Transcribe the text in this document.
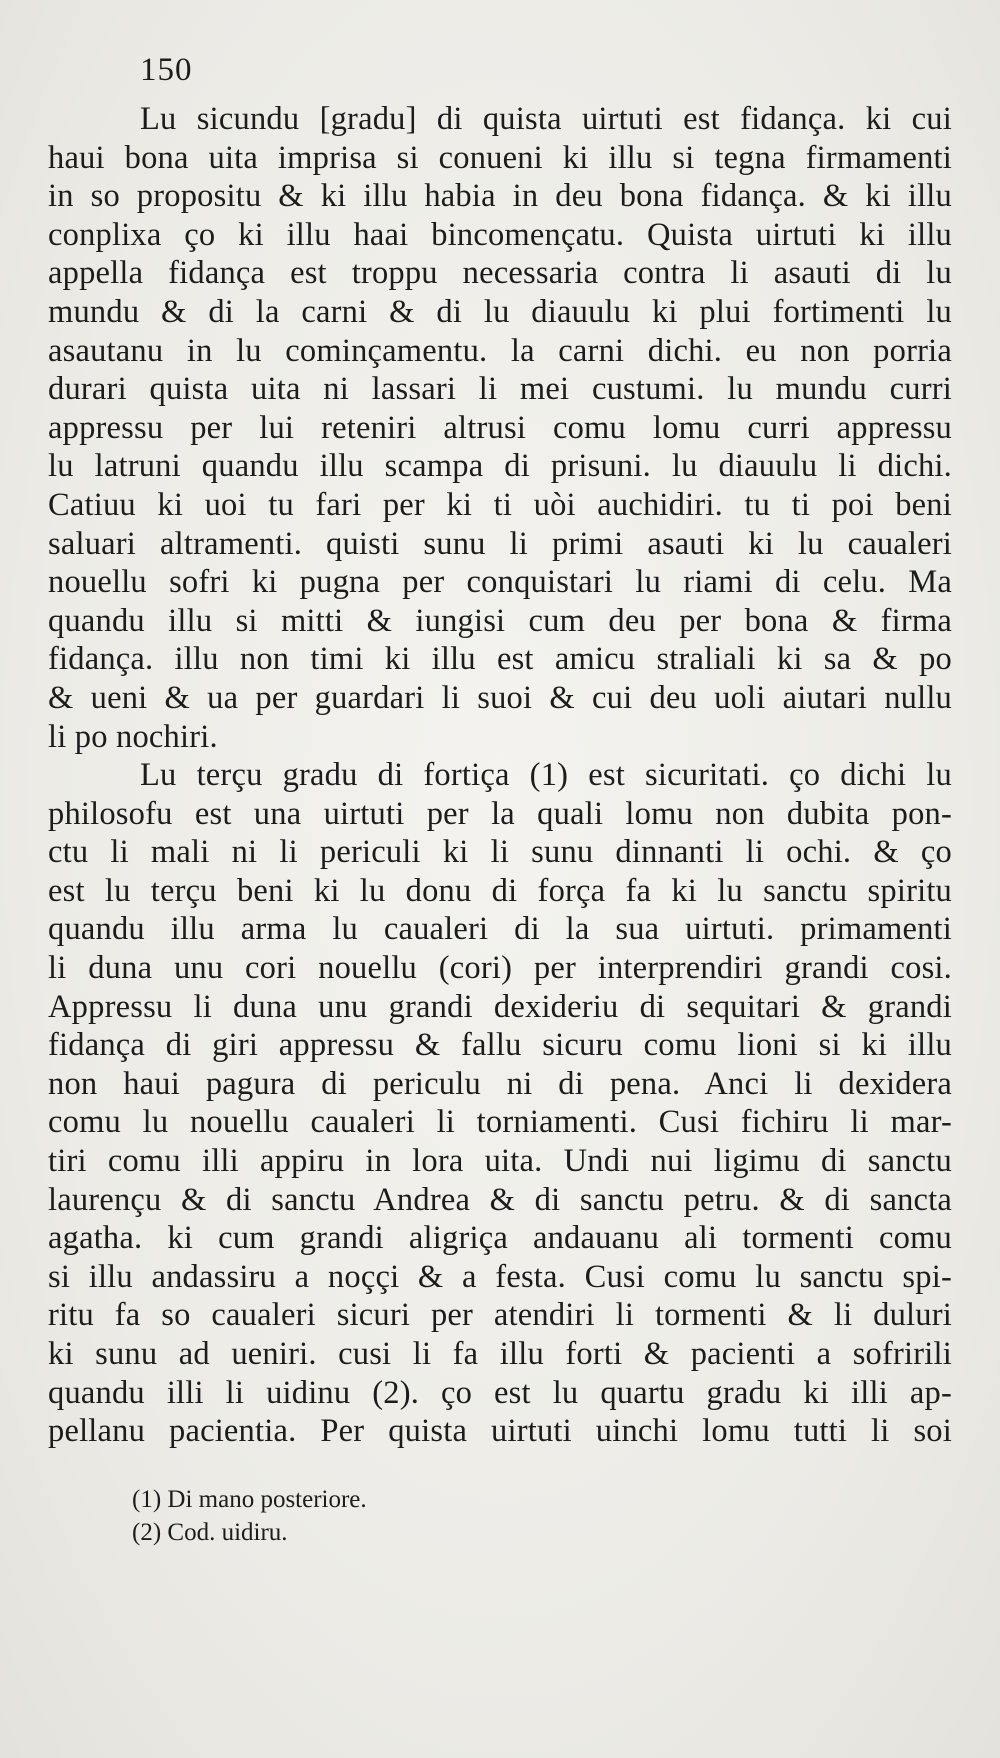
150

Lu sicundu [gradu] di quista uirtuti est fidança. ki cui

haui bona uita imprisa si conueni ki illu si tegna firmamenti

in so propositu & ki illu habia in deu bona fidança. & ki illu

conplixa ço ki illu haai bincomençatu. Quista uirtuti ki illu

appella fidança est troppu necessaria contra li asauti di lu

mundu & di la carni & di lu diauulu ki plui fortimenti lu

asautanu in lu cominçamentu. la carni dichi. eu non porria

durari quista uita ni lassari li mei custumi. lu mundu curri

appressu per lui reteniri altrusi comu lomu curri appressu

lu latruni quandu illu scampa di prisuni. lu diauulu li dichi.

Catiuu ki uoi tu fari per ki ti uòi auchidiri. tu ti poi beni

saluari altramenti. quisti sunu li primi asauti ki lu caualeri

nouellu sofri ki pugna per conquistari lu riami di celu. Ma

quandu illu si mitti & iungisi cum deu per bona & firma

fidança. illu non timi ki illu est amicu straliali ki sa & po

& ueni & ua per guardari li suoi & cui deu uoli aiutari nullu

li po nochiri.

Lu terçu gradu di fortiça (1) est sicuritati. ço dichi lu

philosofu est una uirtuti per la quali lomu non dubita pon-

ctu li mali ni li periculi ki li sunu dinnanti li ochi. & ço

est lu terçu beni ki lu donu di força fa ki lu sanctu spiritu

quandu illu arma lu caualeri di la sua uirtuti. primamenti

li duna unu cori nouellu (cori) per interprendiri grandi cosi.

Appressu li duna unu grandi dexideriu di sequitari & grandi

fidança di giri appressu & fallu sicuru comu lioni si ki illu

non haui pagura di periculu ni di pena. Anci li dexidera

comu lu nouellu caualeri li torniamenti. Cusi fichiru li mar-

tiri comu illi appiru in lora uita. Undi nui ligimu di sanctu

laurençu & di sanctu Andrea & di sanctu petru. & di sancta

agatha. ki cum grandi aligriça andauanu ali tormenti comu

si illu andassiru a noççi & a festa. Cusi comu lu sanctu spi-

ritu fa so caualeri sicuri per atendiri li tormenti & li duluri

ki sunu ad ueniri. cusi li fa illu forti & pacienti a sofririli

quandu illi li uidinu (2). ço est lu quartu gradu ki illi ap-

pellanu pacientia. Per quista uirtuti uinchi lomu tutti li soi

(1) Di mano posteriore.

(2) Cod. uidiru.
